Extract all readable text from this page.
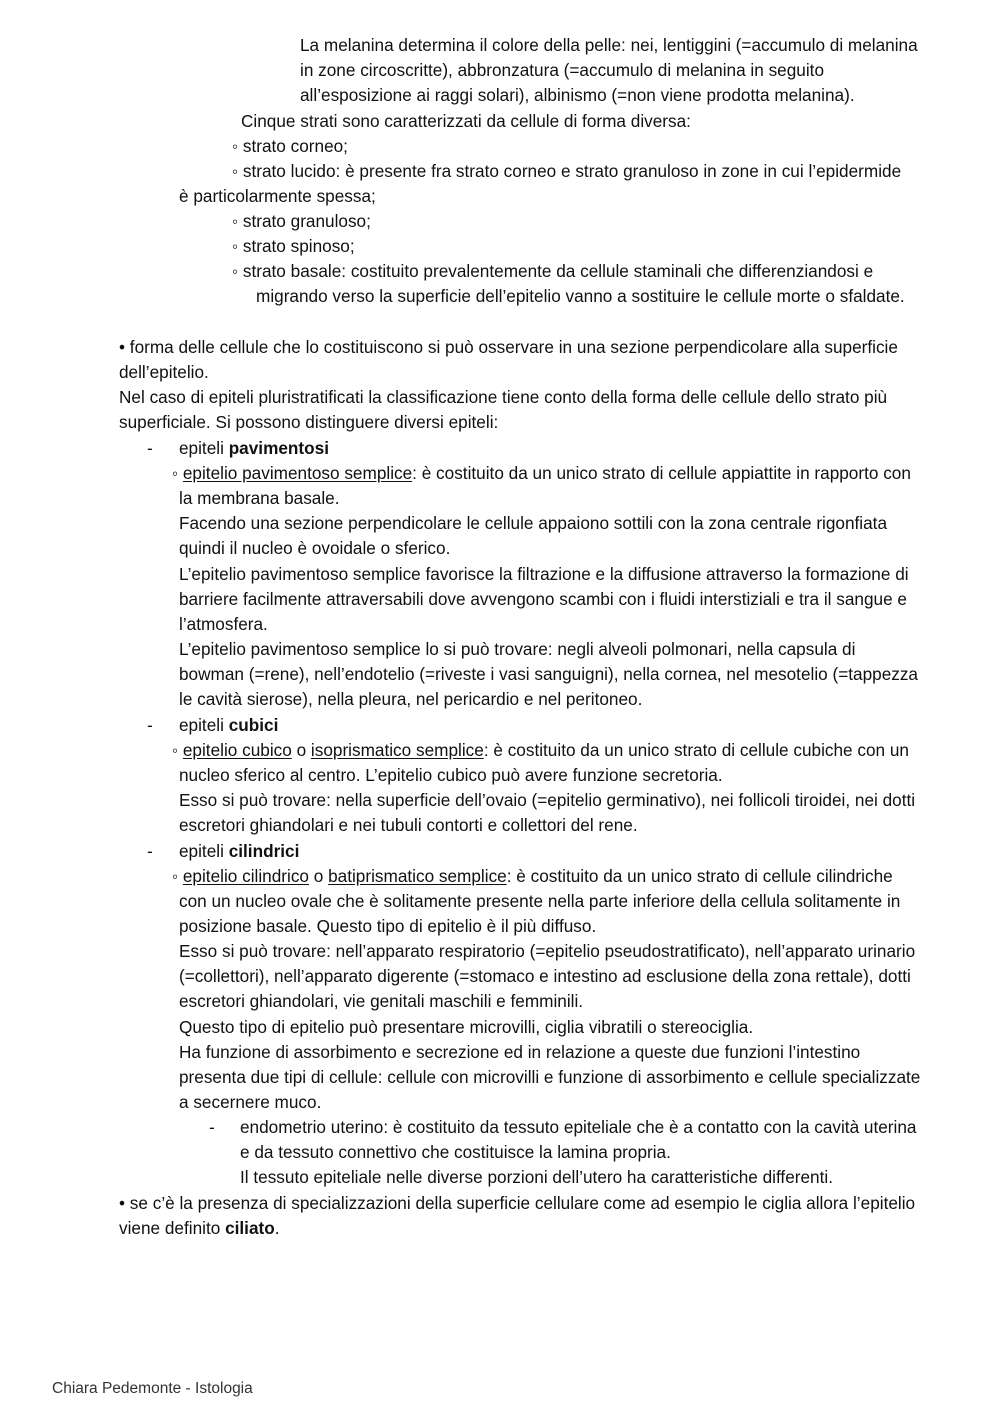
La melanina determina il colore della pelle: nei, lentiggini (=accumulo di melanina
in zone circoscritte), abbronzatura (=accumulo di melanina in seguito
all’esposizione ai raggi solari), albinismo (=non viene prodotta melanina).
Cinque strati sono caratterizzati da cellule di forma diversa:
◦ strato corneo;
◦ strato lucido: è presente fra strato corneo e strato granuloso in zone in cui l’epidermide
è particolarmente spessa;
◦ strato granuloso;
◦ strato spinoso;
◦ strato basale: costituito prevalentemente da cellule staminali che differenziandosi e
migrando verso la superficie dell’epitelio vanno a sostituire le cellule morte o sfaldate.
• forma delle cellule che lo costituiscono si può osservare in una sezione perpendicolare alla superficie
dell’epitelio.
Nel caso di epiteli pluristratificati la classificazione tiene conto della forma delle cellule dello strato più
superficiale. Si possono distinguere diversi epiteli:
- epiteli pavimentosi
◦ epitelio pavimentoso semplice: è costituito da un unico strato di cellule appiattite in rapporto con
la membrana basale.
Facendo una sezione perpendicolare le cellule appaiono sottili con la zona centrale rigonfiata
quindi il nucleo è ovoidale o sferico.
L’epitelio pavimentoso semplice favorisce la filtrazione e la diffusione attraverso la formazione di
barriere facilmente attraversabili dove avvengono scambi con i fluidi interstiziali e tra il sangue e
l’atmosfera.
L’epitelio pavimentoso semplice lo si può trovare: negli alveoli polmonari, nella capsula di
bowman (=rene), nell’endotelio (=riveste i vasi sanguigni), nella cornea, nel mesotelio (=tappezza
le cavità sierose), nella pleura, nel pericardio e nel peritoneo.
- epiteli cubici
◦ epitelio cubico o isoprismatico semplice: è costituito da un unico strato di cellule cubiche con un
nucleo sferico al centro. L’epitelio cubico può avere funzione secretoria.
Esso si può trovare: nella superficie dell’ovaio (=epitelio germinativo), nei follicoli tiroidei, nei dotti
escretori ghiandolari e nei tubuli contorti e collettori del rene.
- epiteli cilindrici
◦ epitelio cilindrico o batiprismatico semplice: è costituito da un unico strato di cellule cilindriche
con un nucleo ovale che è solitamente presente nella parte inferiore della cellula solitamente in
posizione basale. Questo tipo di epitelio è il più diffuso.
Esso si può trovare: nell’apparato respiratorio (=epitelio pseudostratificato), nell’apparato urinario
(=collettori), nell’apparato digerente (=stomaco e intestino ad esclusione della zona rettale), dotti
escretori ghiandolari, vie genitali maschili e femminili.
Questo tipo di epitelio può presentare microvilli, ciglia vibratili o stereociglia.
Ha funzione di assorbimento e secrezione ed in relazione a queste due funzioni l’intestino
presenta due tipi di cellule: cellule con microvilli e funzione di assorbimento e cellule specializzate
a secernere muco.
- endometrio uterino: è costituito da tessuto epiteliale che è a contatto con la cavità uterina
e da tessuto connettivo che costituisce la lamina propria.
Il tessuto epiteliale nelle diverse porzioni dell’utero ha caratteristiche differenti.
• se c’è la presenza di specializzazioni della superficie cellulare come ad esempio le ciglia allora l’epitelio
viene definito ciliato.
Chiara Pedemonte - Istologia
